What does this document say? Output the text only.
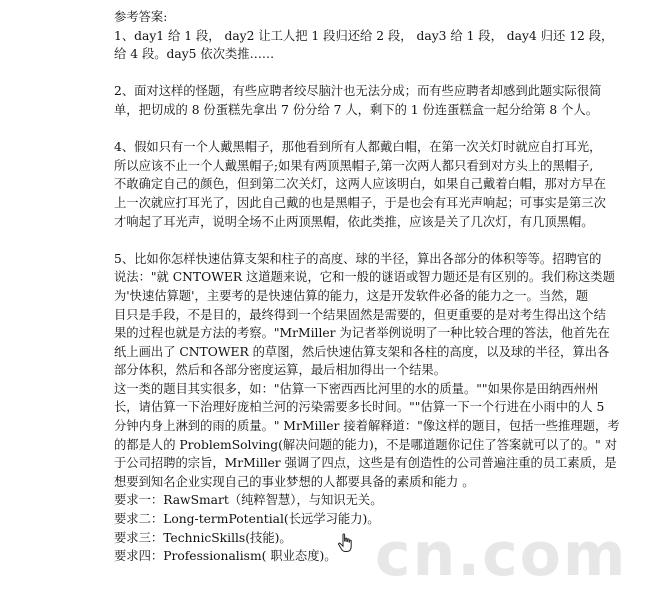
参考答案:
1、day1 给 1 段， day2 让工人把 1 段归还给 2 段， day3 给 1 段， day4 归还 12 段，
给 4 段。day5 依次类推……
2、面对这样的怪题，有些应聘者绞尽脑汁也无法分成；而有些应聘者却感到此题实际很简
单，把切成的 8 份蛋糕先拿出 7 份分给 7 人，剩下的 1 份连蛋糕盒一起分给第 8 个人。
4、假如只有一个人戴黑帽子，那他看到所有人都戴白帽，在第一次关灯时就应自打耳光，
所以应该不止一个人戴黑帽子;如果有两顶黑帽子,第一次两人都只看到对方头上的黑帽子,
不敢确定自己的颜色，但到第二次关灯，这两人应该明白，如果自己戴着白帽，那对方早在
上一次就应打耳光了，因此自己戴的也是黑帽子，于是也会有耳光声响起；可事实是第三次
才响起了耳光声，说明全场不止两顶黑帽，依此类推，应该是关了几次灯，有几顶黑帽。
5、比如你怎样快速估算支架和柱子的高度、球的半径，算出各部分的体积等等。招聘官的
说法："就 CNTOWER 这道题来说，它和一般的谜语或智力题还是有区别的。我们称这类题
为'快速估算题'，主要考的是快速估算的能力，这是开发软件必备的能力之一。当然，题
目只是手段，不是目的，最终得到一个结果固然是需要的，但更重要的是对考生得出这个结
果的过程也就是方法的考察。"MrMiller 为记者举例说明了一种比较合理的答法，他首先在
纸上画出了 CNTOWER 的草图，然后快速估算支架和各柱的高度，以及球的半径，算出各
部分体积，然后和各部分密度运算，最后相加得出一个结果。
这一类的题目其实很多，如："估算一下密西西比河里的水的质量。""如果你是田纳西州州
长，请估算一下治理好庞柏兰河的污染需要多长时间。""估算一下一个行进在小雨中的人 5
分钟内身上淋到的雨的质量。" MrMiller 接着解释道："像这样的题目，包括一些推理题，考
的都是人的 ProblemSolving(解决问题的能力)，不是哪道题你记住了答案就可以了的。" 对
于公司招聘的宗旨，MrMiller 强调了四点，这些是有创造性的公司普遍注重的员工素质，是
想要到知名企业实现自己的事业梦想的人都要具备的素质和能力 。
要求一：RawSmart（纯粹智慧），与知识无关。
要求二：Long-termPotential(长远学习能力)。
要求三：TechnicSkills(技能)。
要求四：Professionalism( 职业态度)。 cn.com
